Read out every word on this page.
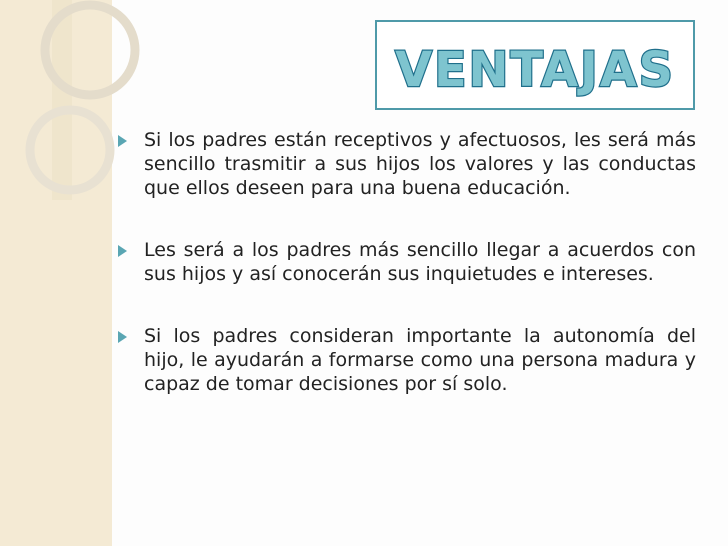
VENTAJAS
Si los padres están receptivos y afectuosos, les será más sencillo trasmitir a sus hijos los valores y las conductas que ellos deseen para una buena educación.
Les será a los padres más sencillo llegar a acuerdos con sus hijos y así conocerán sus inquietudes e intereses.
Si los padres consideran importante la autonomía del hijo, le ayudarán a formarse como una persona madura y capaz de tomar decisiones por sí solo.
